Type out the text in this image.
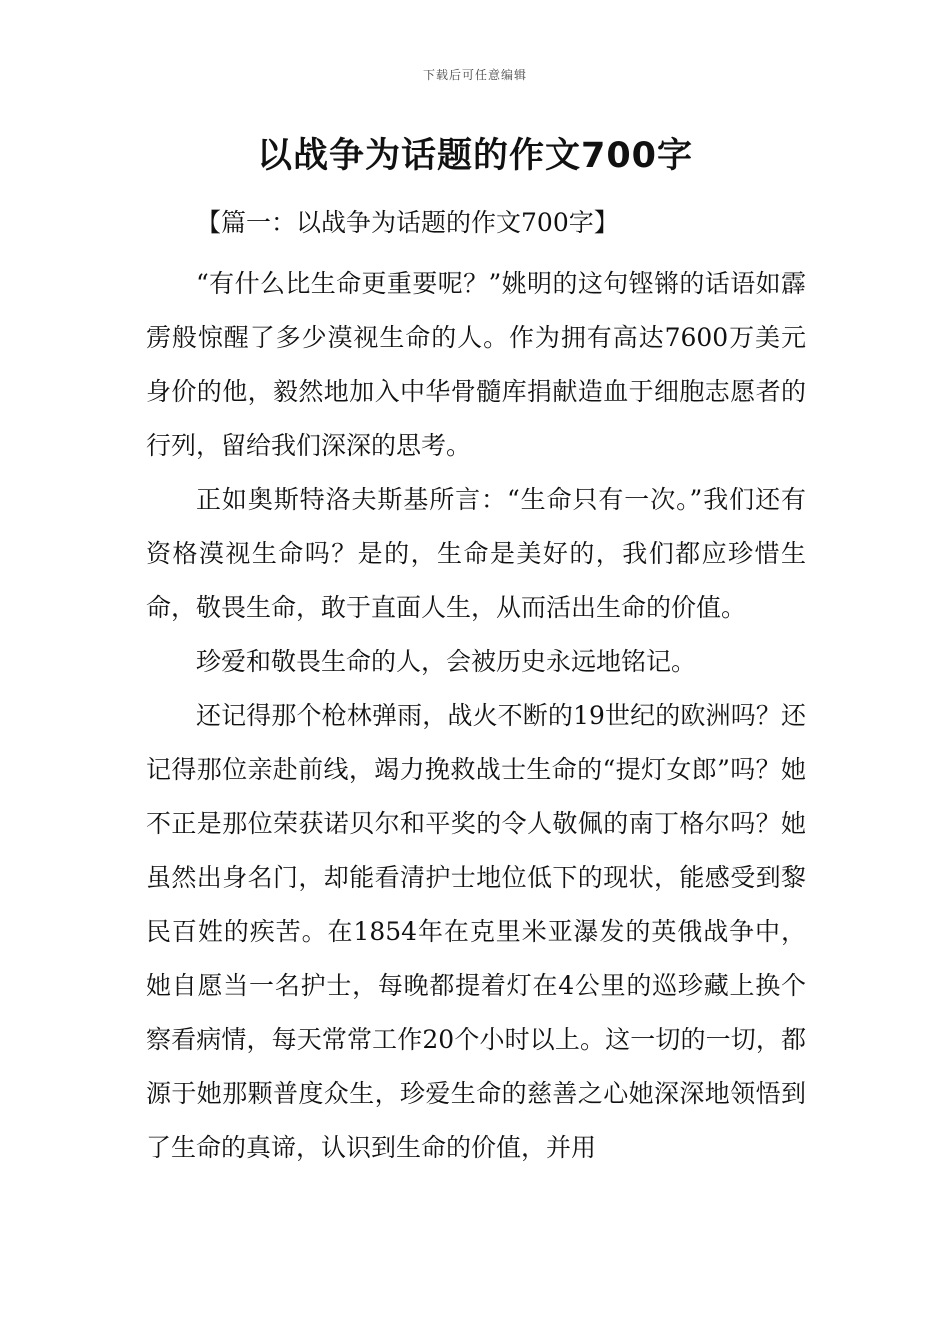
下载后可任意编辑
以战争为话题的作文700字

【篇一：以战争为话题的作文700字】

“有什么比生命更重要呢？”姚明的这句铿锵的话语如霹雳般惊醒了多少漠视生命的人。作为拥有高达7600万美元身价的他，毅然地加入中华骨髓库捐献造血于细胞志愿者的行列，留给我们深深的思考。

正如奥斯特洛夫斯基所言：“生命只有一次。”我们还有资格漠视生命吗？是的，生命是美好的，我们都应珍惜生命，敬畏生命，敢于直面人生，从而活出生命的价值。

珍爱和敬畏生命的人，会被历史永远地铭记。

还记得那个枪林弹雨，战火不断的19世纪的欧洲吗？还记得那位亲赴前线，竭力挽救战士生命的“提灯女郎”吗？她不正是那位荣获诺贝尔和平奖的令人敬佩的南丁格尔吗？她虽然出身名门，却能看清护士地位低下的现状，能感受到黎民百姓的疾苦。在1854年在克里米亚瀑发的英俄战争中，她自愿当一名护士，每晚都提着灯在4公里的巡珍藏上换个察看病情，每天常常工作20个小时以上。这一切的一切，都源于她那颗普度众生，珍爱生命的慈善之心她深深地领悟到了生命的真谛，认识到生命的价值，并用
